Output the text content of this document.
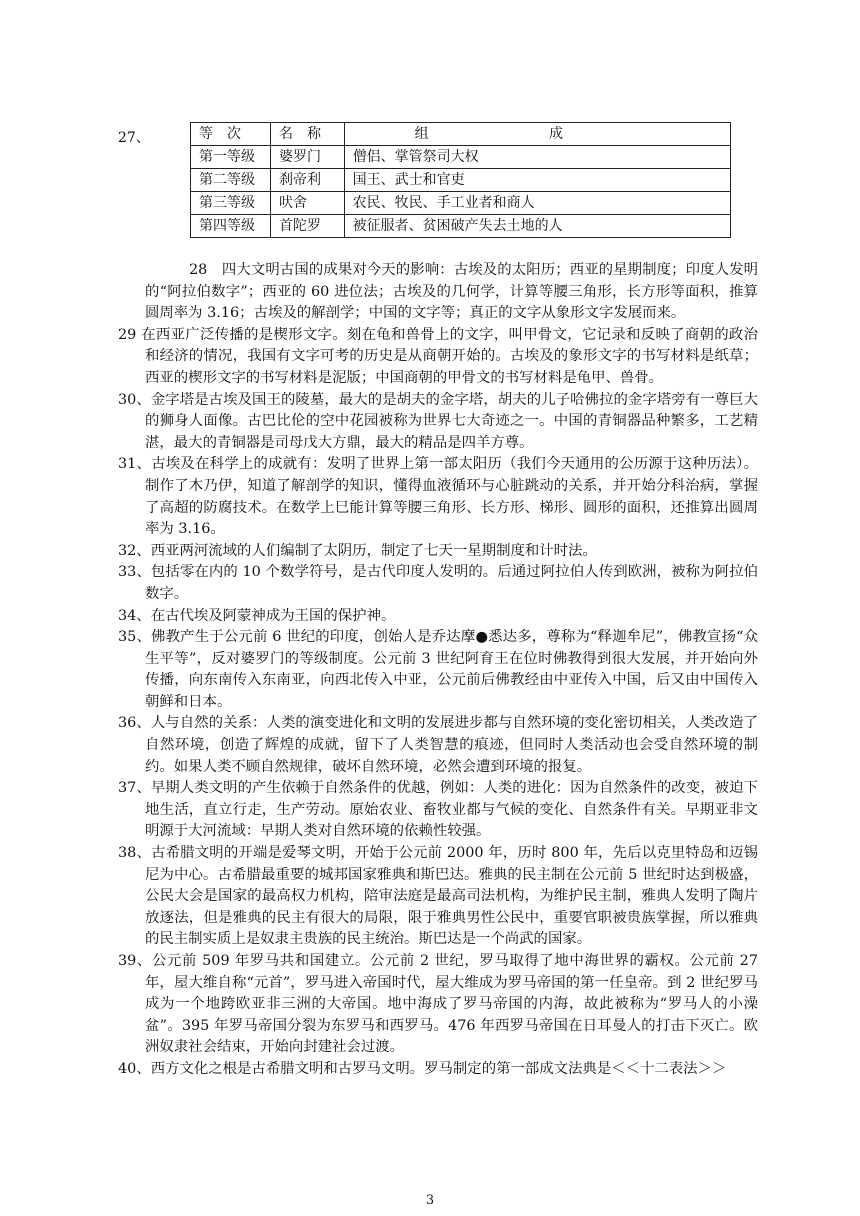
27、	等　次	名　称	组　　成
第一等级	婆罗门	僧侣、掌管祭司大权
第二等级	刹帝利	国王、武士和官吏
第三等级	吠舍	农民、牧民、手工业者和商人
第四等级	首陀罗	被征服者、贫困破产失去土地的人

28　四大文明古国的成果对今天的影响：古埃及的太阳历；西亚的星期制度；印度人发明的“阿拉伯数字”；西亚的 60 进位法；古埃及的几何学，计算等腰三角形，长方形等面积，推算圆周率为 3.16；古埃及的解剖学；中国的文字等；真正的文字从象形文字发展而来。

29 在西亚广泛传播的是楔形文字。刻在龟和兽骨上的文字，叫甲骨文，它记录和反映了商朝的政治和经济的情况，我国有文字可考的历史是从商朝开始的。古埃及的象形文字的书写材料是纸草；西亚的楔形文字的书写材料是泥版；中国商朝的甲骨文的书写材料是龟甲、兽骨。

30、金字塔是古埃及国王的陵墓，最大的是胡夫的金字塔，胡夫的儿子哈佛拉的金字塔旁有一尊巨大的狮身人面像。古巴比伦的空中花园被称为世界七大奇迹之一。中国的青铜器品种繁多，工艺精湛，最大的青铜器是司母戊大方鼎，最大的精品是四羊方尊。

31、古埃及在科学上的成就有：发明了世界上第一部太阳历（我们今天通用的公历源于这种历法）。制作了木乃伊，知道了解剖学的知识，懂得血液循环与心脏跳动的关系，并开始分科治病，掌握了高超的防腐技术。在数学上巳能计算等腰三角形、长方形、梯形、圆形的面积，还推算出圆周率为 3.16。

32、西亚两河流域的人们编制了太阴历，制定了七天一星期制度和计时法。

33、包括零在内的 10 个数学符号，是古代印度人发明的。后通过阿拉伯人传到欧洲，被称为阿拉伯数字。

34、在古代埃及阿蒙神成为王国的保护神。

35、佛教产生于公元前 6 世纪的印度，创始人是乔达摩●悉达多，尊称为“释迦牟尼”，佛教宣扬“众生平等”，反对婆罗门的等级制度。公元前 3 世纪阿育王在位时佛教得到很大发展，并开始向外传播，向东南传入东南亚，向西北传入中亚，公元前后佛教经由中亚传入中国，后又由中国传入朝鲜和日本。

36、人与自然的关系：人类的演变进化和文明的发展进步都与自然环境的变化密切相关，人类改造了自然环境，创造了辉煌的成就，留下了人类智慧的痕迹，但同时人类活动也会受自然环境的制约。如果人类不顾自然规律，破坏自然环境，必然会遭到环境的报复。

37、早期人类文明的产生依赖于自然条件的优越，例如：人类的进化：因为自然条件的改变，被迫下地生活，直立行走，生产劳动。原始农业、畜牧业都与气候的变化、自然条件有关。早期亚非文明源于大河流域：早期人类对自然环境的依赖性较强。

38、古希腊文明的开端是爱琴文明，开始于公元前 2000 年，历时 800 年，先后以克里特岛和迈锡尼为中心。古希腊最重要的城邦国家雅典和斯巴达。雅典的民主制在公元前 5 世纪时达到极盛，公民大会是国家的最高权力机构，陪审法庭是最高司法机构，为维护民主制，雅典人发明了陶片放逐法，但是雅典的民主有很大的局限，限于雅典男性公民中，重要官职被贵族掌握，所以雅典的民主制实质上是奴隶主贵族的民主统治。斯巴达是一个尚武的国家。

39、公元前 509 年罗马共和国建立。公元前 2 世纪，罗马取得了地中海世界的霸权。公元前 27 年，屋大维自称“元首”，罗马进入帝国时代，屋大维成为罗马帝国的第一任皇帝。到 2 世纪罗马成为一个地跨欧亚非三洲的大帝国。地中海成了罗马帝国的内海，故此被称为“罗马人的小澡盆”。395 年罗马帝国分裂为东罗马和西罗马。476 年西罗马帝国在日耳曼人的打击下灭亡。欧洲奴隶社会结束，开始向封建社会过渡。

40、西方文化之根是古希腊文明和古罗马文明。罗马制定的第一部成文法典是＜＜十二表法＞＞

3
